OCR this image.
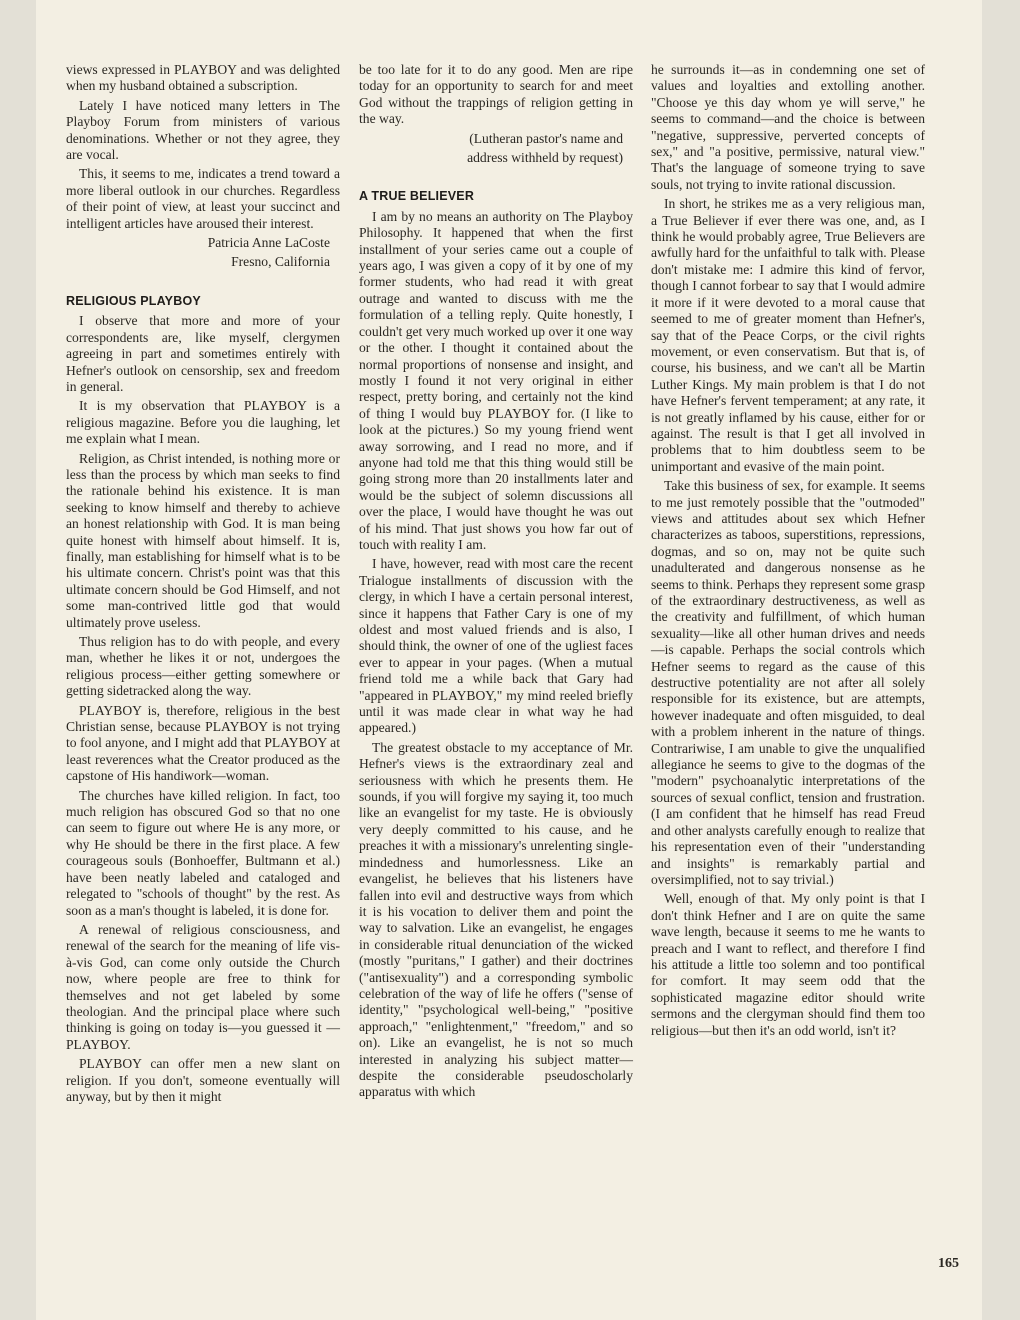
views expressed in PLAYBOY and was delighted when my husband obtained a subscription.

Lately I have noticed many letters in The Playboy Forum from ministers of various denominations. Whether or not they agree, they are vocal.

This, it seems to me, indicates a trend toward a more liberal outlook in our churches. Regardless of their point of view, at least your succinct and intelligent articles have aroused their interest.

Patricia Anne LaCoste

Fresno, California

RELIGIOUS PLAYBOY

I observe that more and more of your correspondents are, like myself, clergymen agreeing in part and sometimes entirely with Hefner's outlook on censorship, sex and freedom in general.

It is my observation that PLAYBOY is a religious magazine. Before you die laughing, let me explain what I mean.

Religion, as Christ intended, is nothing more or less than the process by which man seeks to find the rationale behind his existence. It is man seeking to know himself and thereby to achieve an honest relationship with God. It is man being quite honest with himself about himself. It is, finally, man establishing for himself what is to be his ultimate concern. Christ's point was that this ultimate concern should be God Himself, and not some man-contrived little god that would ultimately prove useless.

Thus religion has to do with people, and every man, whether he likes it or not, undergoes the religious process—either getting somewhere or getting sidetracked along the way.

PLAYBOY is, therefore, religious in the best Christian sense, because PLAYBOY is not trying to fool anyone, and I might add that PLAYBOY at least reverences what the Creator produced as the capstone of His handiwork—woman.

The churches have killed religion. In fact, too much religion has obscured God so that no one can seem to figure out where He is any more, or why He should be there in the first place. A few courageous souls (Bonhoeffer, Bultmann et al.) have been neatly labeled and cataloged and relegated to "schools of thought" by the rest. As soon as a man's thought is labeled, it is done for.

A renewal of religious consciousness, and renewal of the search for the meaning of life vis-à-vis God, can come only outside the Church now, where people are free to think for themselves and not get labeled by some theologian. And the principal place where such thinking is going on today is—you guessed it —PLAYBOY.

PLAYBOY can offer men a new slant on religion. If you don't, someone eventually will anyway, but by then it might

be too late for it to do any good. Men are ripe today for an opportunity to search for and meet God without the trappings of religion getting in the way.

(Lutheran pastor's name and

address withheld by request)

A TRUE BELIEVER

I am by no means an authority on The Playboy Philosophy. It happened that when the first installment of your series came out a couple of years ago, I was given a copy of it by one of my former students, who had read it with great outrage and wanted to discuss with me the formulation of a telling reply. Quite honestly, I couldn't get very much worked up over it one way or the other. I thought it contained about the normal proportions of nonsense and insight, and mostly I found it not very original in either respect, pretty boring, and certainly not the kind of thing I would buy PLAYBOY for. (I like to look at the pictures.) So my young friend went away sorrowing, and I read no more, and if anyone had told me that this thing would still be going strong more than 20 installments later and would be the subject of solemn discussions all over the place, I would have thought he was out of his mind. That just shows you how far out of touch with reality I am.

I have, however, read with most care the recent Trialogue installments of discussion with the clergy, in which I have a certain personal interest, since it happens that Father Cary is one of my oldest and most valued friends and is also, I should think, the owner of one of the ugliest faces ever to appear in your pages. (When a mutual friend told me a while back that Gary had "appeared in PLAYBOY," my mind reeled briefly until it was made clear in what way he had appeared.)

The greatest obstacle to my acceptance of Mr. Hefner's views is the extraordinary zeal and seriousness with which he presents them. He sounds, if you will forgive my saying it, too much like an evangelist for my taste. He is obviously very deeply committed to his cause, and he preaches it with a missionary's unrelenting single-mindedness and humorlessness. Like an evangelist, he believes that his listeners have fallen into evil and destructive ways from which it is his vocation to deliver them and point the way to salvation. Like an evangelist, he engages in considerable ritual denunciation of the wicked (mostly "puritans," I gather) and their doctrines ("antisexuality") and a corresponding symbolic celebration of the way of life he offers ("sense of identity," "psychological well-being," "positive approach," "enlightenment," "freedom," and so on). Like an evangelist, he is not so much interested in analyzing his subject matter—despite the considerable pseudoscholarly apparatus with which

he surrounds it—as in condemning one set of values and loyalties and extolling another. "Choose ye this day whom ye will serve," he seems to command—and the choice is between "negative, suppressive, perverted concepts of sex," and "a positive, permissive, natural view." That's the language of someone trying to save souls, not trying to invite rational discussion.

In short, he strikes me as a very religious man, a True Believer if ever there was one, and, as I think he would probably agree, True Believers are awfully hard for the unfaithful to talk with. Please don't mistake me: I admire this kind of fervor, though I cannot forbear to say that I would admire it more if it were devoted to a moral cause that seemed to me of greater moment than Hefner's, say that of the Peace Corps, or the civil rights movement, or even conservatism. But that is, of course, his business, and we can't all be Martin Luther Kings. My main problem is that I do not have Hefner's fervent temperament; at any rate, it is not greatly inflamed by his cause, either for or against. The result is that I get all involved in problems that to him doubtless seem to be unimportant and evasive of the main point.

Take this business of sex, for example. It seems to me just remotely possible that the "outmoded" views and attitudes about sex which Hefner characterizes as taboos, superstitions, repressions, dogmas, and so on, may not be quite such unadulterated and dangerous nonsense as he seems to think. Perhaps they represent some grasp of the extraordinary destructiveness, as well as the creativity and fulfillment, of which human sexuality—like all other human drives and needs—is capable. Perhaps the social controls which Hefner seems to regard as the cause of this destructive potentiality are not after all solely responsible for its existence, but are attempts, however inadequate and often misguided, to deal with a problem inherent in the nature of things. Contrariwise, I am unable to give the unqualified allegiance he seems to give to the dogmas of the "modern" psychoanalytic interpretations of the sources of sexual conflict, tension and frustration. (I am confident that he himself has read Freud and other analysts carefully enough to realize that his representation even of their "understanding and insights" is remarkably partial and oversimplified, not to say trivial.)

Well, enough of that. My only point is that I don't think Hefner and I are on quite the same wave length, because it seems to me he wants to preach and I want to reflect, and therefore I find his attitude a little too solemn and too pontifical for comfort. It may seem odd that the sophisticated magazine editor should write sermons and the clergyman should find them too religious—but then it's an odd world, isn't it?

165
